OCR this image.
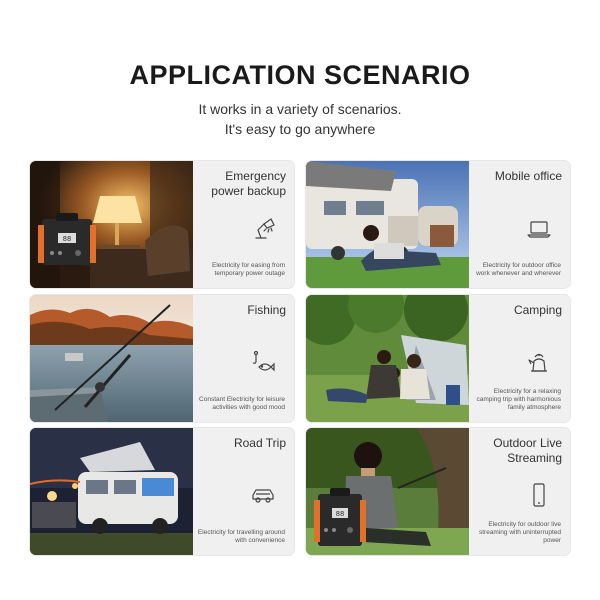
APPLICATION SCENARIO
It works in a variety of scenarios.
It's easy to go anywhere
88
Emergency power backup
Electricity for easing from temporary power outage
Mobile office
Electricity for outdoor office work whenever and wherever
Fishing
Constant Electricity for leisure activities with good mood
Camping
Electricity for a relaxing camping trip with harmonious family atmosphere
Road Trip
Electricity for travelling around with convenience
88
Outdoor Live Streaming
Electricity for outdoor live streaming with uninterrupted power
